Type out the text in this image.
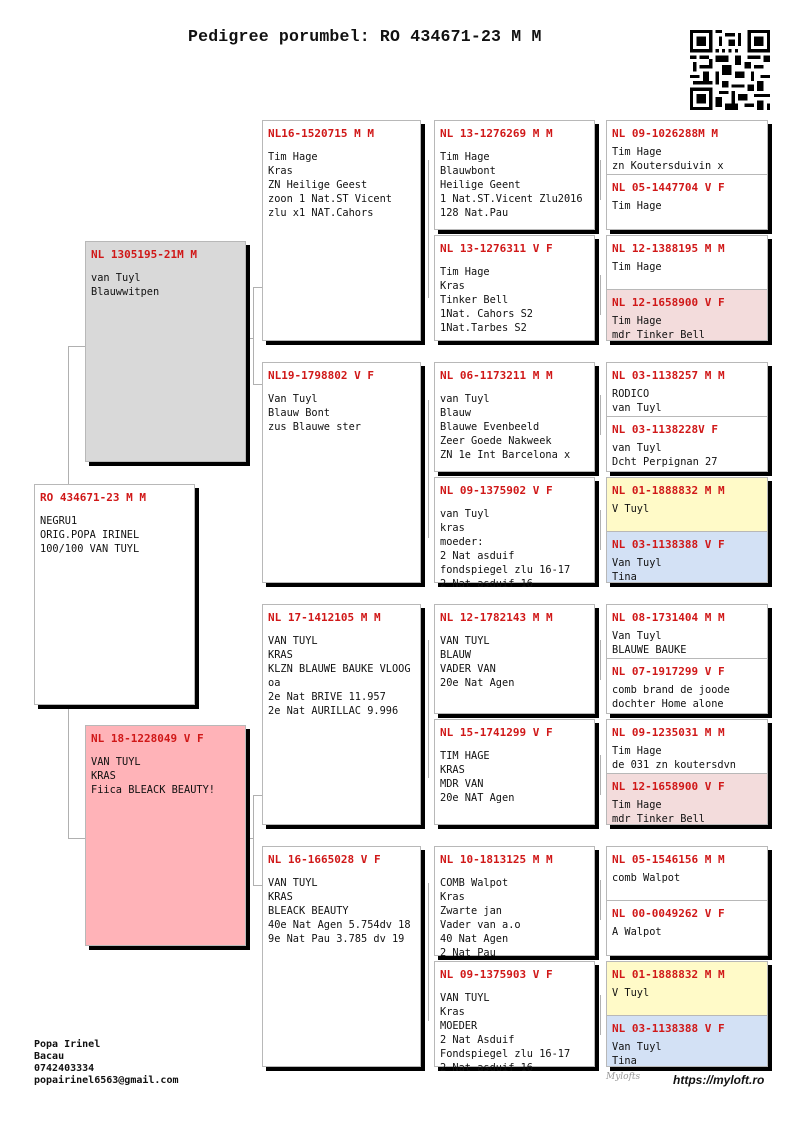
Pedigree porumbel: RO 434671-23 M M
RO 434671-23 M M
NEGRU1
ORIG.POPA IRINEL
100/100 VAN TUYL
NL 1305195-21M M
van Tuyl
Blauwwitpen
NL 18-1228049 V F
VAN TUYL
KRAS
Fiica BLEACK BEAUTY!
NL16-1520715 M M
Tim Hage
Kras
ZN Heilige Geest
zoon 1 Nat.ST Vicent
zlu x1 NAT.Cahors
NL19-1798802 V F
Van Tuyl
Blauw Bont
zus Blauwe ster
NL 17-1412105 M M
VAN TUYL
KRAS
KLZN BLAUWE BAUKE VLOOG
oa
2e Nat BRIVE 11.957
2e Nat AURILLAC 9.996
NL 16-1665028 V F
VAN TUYL
KRAS
BLEACK BEAUTY
40e Nat Agen 5.754dv 18
9e Nat Pau 3.785 dv 19
NL 13-1276269 M M
Tim Hage
Blauwbont
Heilige Geent
1 Nat.ST.Vicent Zlu2016
128 Nat.Pau
NL 13-1276311 V F
Tim Hage
Kras
Tinker Bell
1Nat. Cahors S2
1Nat.Tarbes S2
NL 06-1173211 M M
van Tuyl
Blauw
Blauwe Evenbeeld
Zeer Goede Nakweek
ZN 1e Int Barcelona x
NL 09-1375902 V F
van Tuyl
kras
moeder:
2 Nat asduif
fondspiegel zlu 16-17
2 Nat asduif 16
NL 12-1782143 M M
VAN TUYL
BLAUW
VADER VAN
20e Nat Agen
NL 15-1741299 V F
TIM HAGE
KRAS
MDR VAN
20e NAT Agen
NL 10-1813125 M M
COMB Walpot
Kras
Zwarte jan
Vader van a.o
40 Nat Agen
2 Nat Pau
NL 09-1375903 V F
VAN TUYL
Kras
MOEDER
2 Nat Asduif
Fondspiegel zlu 16-17
2 Nat asduif 16
NL 09-1026288M M
Tim Hage
zn Koutersduivin x
NL 05-1447704 V F
Tim Hage
NL 12-1388195 M M
Tim Hage
NL 12-1658900 V F
Tim Hage
mdr Tinker Bell
NL 03-1138257 M M
RODICO
van Tuyl
NL 03-1138228V F
van Tuyl
Dcht Perpignan 27
NL 01-1888832 M M
V Tuyl
NL 03-1138388 V F
Van Tuyl
Tina
NL 08-1731404 M M
Van Tuyl
BLAUWE BAUKE
NL 07-1917299 V F
comb brand de joode
dochter Home alone
NL 09-1235031 M M
Tim Hage
de 031 zn koutersdvn
NL 12-1658900 V F
Tim Hage
mdr Tinker Bell
NL 05-1546156 M M
comb Walpot
NL 00-0049262 V F
A Walpot
NL 01-1888832 M M
V Tuyl
NL 03-1138388 V F
Van Tuyl
Tina
Popa Irinel
Bacau
0742403334
popairinel6563@gmail.com	Mylofts	https://myloft.ro
